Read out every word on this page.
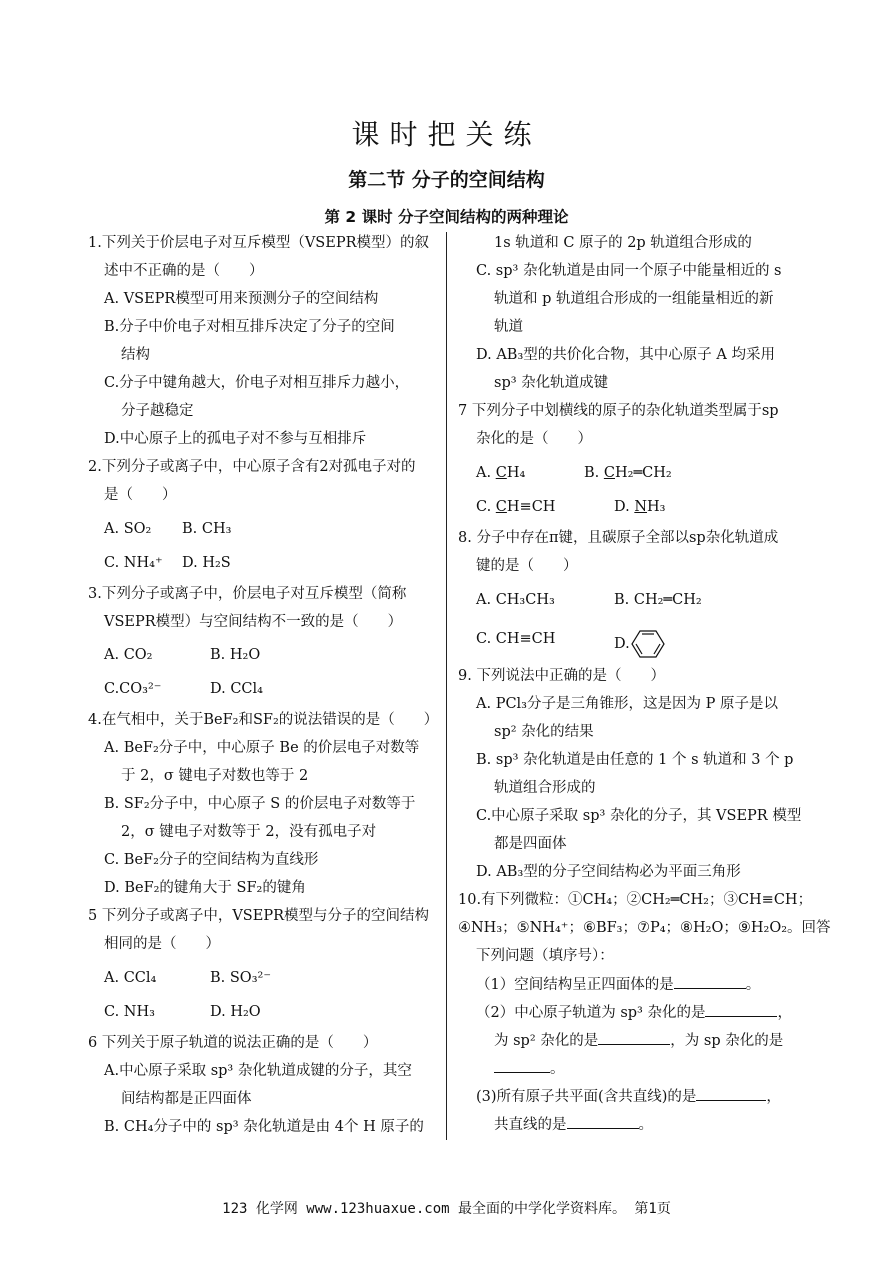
课时把关练
第二节 分子的空间结构
第 2 课时 分子空间结构的两种理论
1.下列关于价层电子对互斥模型（VSEPR模型）的叙
述中不正确的是（　　）
A. VSEPR模型可用来预测分子的空间结构
B.分子中价电子对相互排斥决定了分子的空间
结构
C.分子中键角越大，价电子对相互排斥力越小，
分子越稳定
D.中心原子上的孤电子对不参与互相排斥
2.下列分子或离子中，中心原子含有2对孤电子对的
是（　　）
A. SO₂ B. CH₃
C. NH₄⁺ D. H₂S
3.下列分子或离子中，价层电子对互斥模型（简称
VSEPR模型）与空间结构不一致的是（　　）
A. CO₂	B. H₂O
C.CO₃²⁻	D. CCl₄
4.在气相中，关于BeF₂和SF₂的说法错误的是（　　）
A. BeF₂分子中，中心原子 Be 的价层电子对数等
于 2，σ 键电子对数也等于 2
B. SF₂分子中，中心原子 S 的价层电子对数等于
2，σ 键电子对数等于 2，没有孤电子对
C. BeF₂分子的空间结构为直线形
D. BeF₂的键角大于 SF₂的键角
5 下列分子或离子中，VSEPR模型与分子的空间结构
相同的是（　　）
A. CCl₄	B. SO₃²⁻
C. NH₃	D. H₂O
6 下列关于原子轨道的说法正确的是（　　）
A.中心原子采取 sp³ 杂化轨道成键的分子，其空
间结构都是正四面体
B. CH₄分子中的 sp³ 杂化轨道是由 4个 H 原子的
1s 轨道和 C 原子的 2p 轨道组合形成的
C. sp³ 杂化轨道是由同一个原子中能量相近的 s
轨道和 p 轨道组合形成的一组能量相近的新
轨道
D. AB₃型的共价化合物，其中心原子 A 均采用
sp³ 杂化轨道成键
7 下列分子中划横线的原子的杂化轨道类型属于sp
杂化的是（　　）
A. CH₄	B. CH₂═CH₂
C. CH≡CH	D. NH₃
8. 分子中存在π键，且碳原子全部以sp杂化轨道成
键的是（　　）
A. CH₃CH₃	B. CH₂═CH₂
C. CH≡CH	D.
9. 下列说法中正确的是（　　）
A. PCl₃分子是三角锥形，这是因为 P 原子是以
sp² 杂化的结果
B. sp³ 杂化轨道是由任意的 1 个 s 轨道和 3 个 p
轨道组合形成的
C.中心原子采取 sp³ 杂化的分子，其 VSEPR 模型
都是四面体
D. AB₃型的分子空间结构必为平面三角形
10.有下列微粒：①CH₄；②CH₂═CH₂；③CH≡CH；
④NH₃；⑤NH₄⁺；⑥BF₃；⑦P₄；⑧H₂O；⑨H₂O₂。回答
下列问题（填序号）：
（1）空间结构呈正四面体的是	。
（2）中心原子轨道为 sp³ 杂化的是	，
为 sp² 杂化的是	，为 sp 杂化的是
。
(3)所有原子共平面(含共直线)的是	，
共直线的是	。
123 化学网 www.123huaxue.com 最全面的中学化学资料库。 第1页
